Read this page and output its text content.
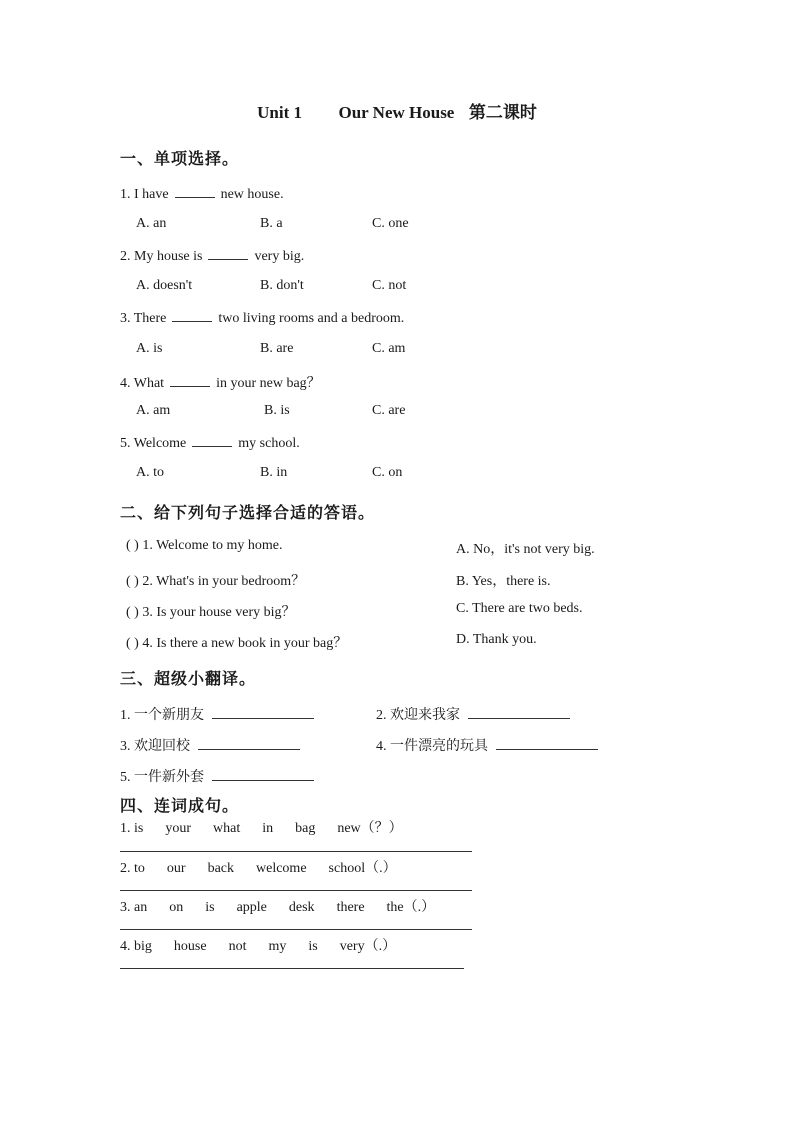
Unit 1 Our New House 第二课时
一、单项选择。
1. I have	new house.
A. an	B. a	C. one
2. My house is	very big.
A. doesn't	B. don't	C. not
3. There	two living rooms and a bedroom.
A. is	B. are	C. am
4. What	in your new bag？
A. am	B. is	C. are
5. Welcome	my school.
A. to	B. in	C. on
二、给下列句子选择合适的答语。
( ) 1. Welcome to my home.	A. No，it's not very big.
( ) 2. What's in your bedroom？	B. Yes，there is.
( ) 3. Is your house very big？	C. There are two beds.
( ) 4. Is there a new book in your bag？	D. Thank you.
三、超级小翻译。
1. 一个新朋友	2. 欢迎来我家
3. 欢迎回校	4. 一件漂亮的玩具
5. 一件新外套
四、连词成句。
1. is your what in bag new（？）
2. to our back welcome school（.）
3. an on is apple desk there the（.）
4. big house not my is very（.）
